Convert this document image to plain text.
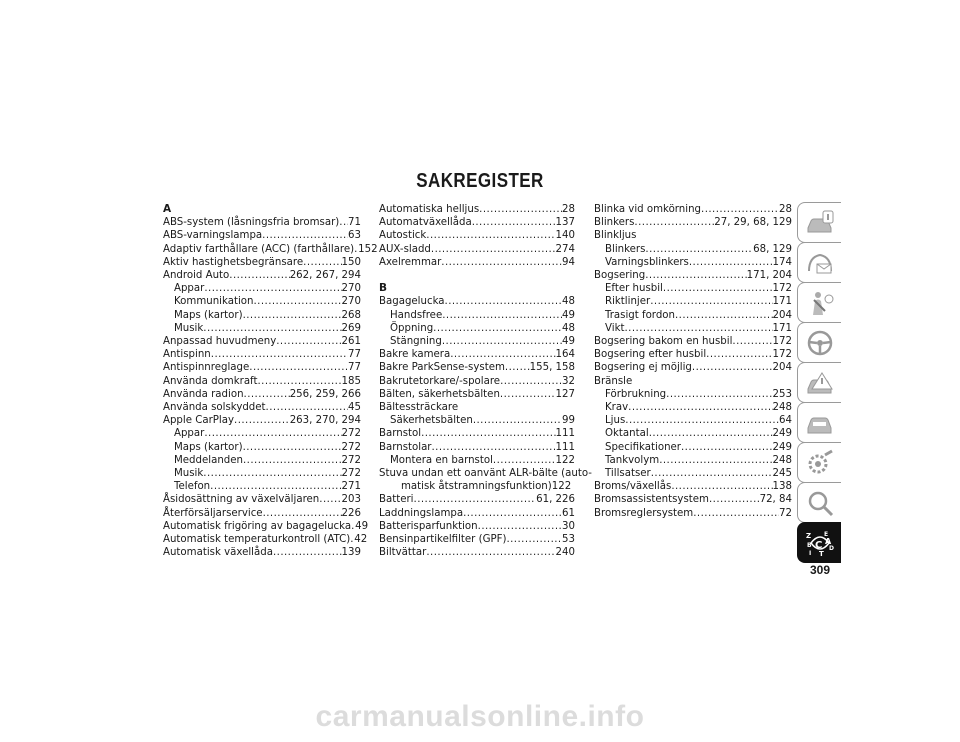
SAKREGISTER
A
ABS-system (låsningsfria bromsar) . . . 71
ABS-varningslampa . . .	63
Adaptiv farthållare (ACC) (farthållare) . . . 152
Aktiv hastighetsbegränsare . . .	150
Android Auto . . .	262, 267, 294
Appar . . .	270
Kommunikation . . .	270
Maps (kartor) . . .	268
Musik . . .	269
Anpassad huvudmeny . . .	261
Antispinn . . .	77
Antispinnreglage . . .	77
Använda domkraft . . .	185
Använda radion . . .	256, 259, 266
Använda solskyddet . . .	45
Apple CarPlay . . .	263, 270, 294
Appar . . .	272
Maps (kartor) . . .	272
Meddelanden . . .	272
Musik . . .	272
Telefon . . .	271
Åsidosättning av växelväljaren . . . 203
Återförsäljarservice . . .	226
Automatisk frigöring av bagagelucka . . . 49
Automatisk temperaturkontroll (ATC) . . . 42
Automatisk växellåda . . .	139
Automatiska helljus . . .	28
Automatväxellåda . . .	137
Autostick . . .	140
AUX-sladd . . .	274
Axelremmar . . .	94
B
Bagagelucka . . .	48
Handsfree . . .	49
Öppning . . .	48
Stängning . . .	49
Bakre kamera . . .	164
Bakre ParkSense-system . . . 155, 158
Bakrutetorkare/-spolare . . .	32
Bälten, säkerhetsbälten . . .	127
Bältessträckare
Säkerhetsbälten . . .	99
Barnstol . . .	111
Barnstolar . . .	111
Montera en barnstol . . .	122
Stuva undan ett oanvänt ALR-bälte (auto-
matisk åtstramningsfunktion) 122
Batteri . . .	61, 226
Laddningslampa . . .	61
Batterisparfunktion . . .	30
Bensinpartikelfilter (GPF) . . .	53
Biltvättar . . .	240
Blinka vid omkörning . . .	28
Blinkers . . .	27, 29, 68, 129
Blinkljus
Blinkers . . .	68, 129
Varningsblinkers . . .	174
Bogsering . . .	171, 204
Efter husbil . . .	172
Riktlinjer . . .	171
Trasigt fordon . . .	204
Vikt . . .	171
Bogsering bakom en husbil . . .	172
Bogsering efter husbil . . .	172
Bogsering ej möjlig . . .	204
Bränsle
Förbrukning . . .	253
Krav . . .	248
Ljus . . .	64
Oktantal . . .	249
Specifikationer . . .	249
Tankvolym . . .	248
Tillsatser . . .	245
Broms/växellås . . .	138
Bromsassistentsystem . . .	72, 84
Bromsreglersystem . . .	72
Z E
A
B C D
I T
309
carmanualsonline.info
